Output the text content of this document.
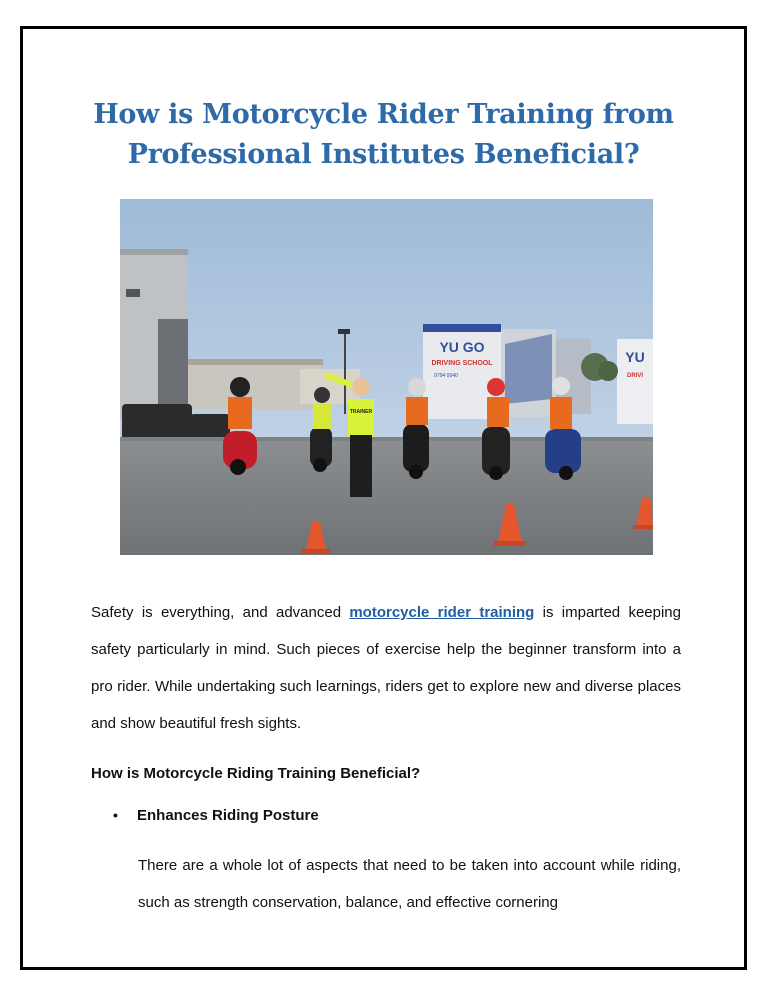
How is Motorcycle Rider Training from
Professional Institutes Beneficial?
YU GO
DRIVING SCHOOL
9794 0040
YU
DRIVI
TRAINER
Safety is everything, and advanced motorcycle rider training is imparted keeping safety particularly in mind. Such pieces of exercise help the beginner transform into a pro rider. While undertaking such learnings, riders get to explore new and diverse places and show beautiful fresh sights.
How is Motorcycle Riding Training Beneficial?
• Enhances Riding Posture
There are a whole lot of aspects that need to be taken into account while riding, such as strength conservation, balance, and effective cornering
